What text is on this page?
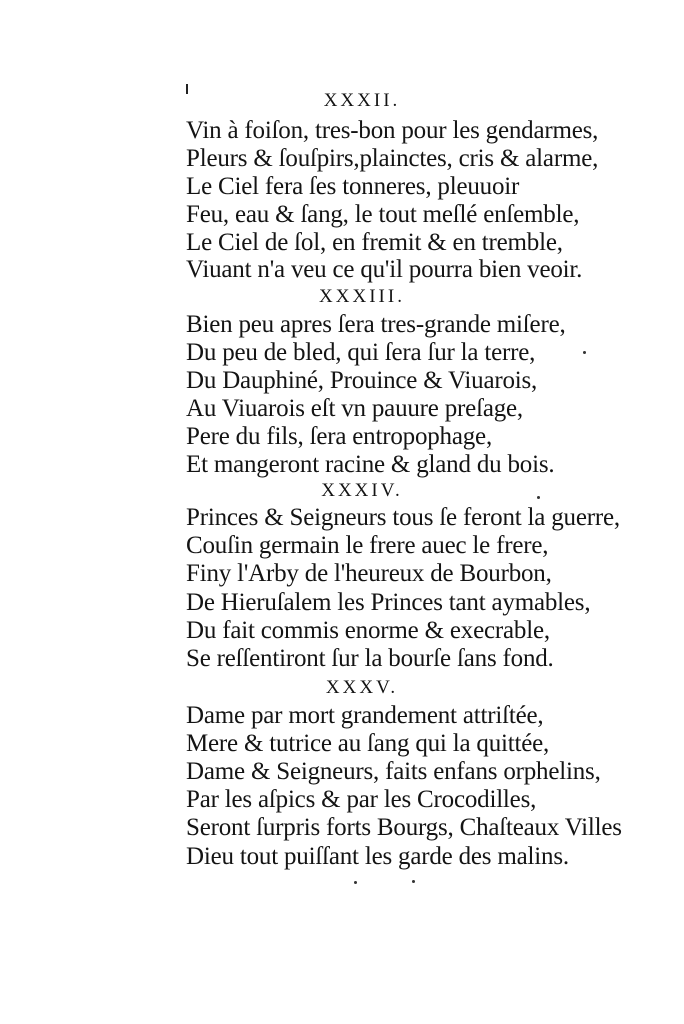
XXXII.
Vin à foiſon, tres-bon pour les gendarmes,
Pleurs & ſouſpirs,plainctes, cris & alarme,
Le Ciel fera ſes tonneres, pleuuoir
Feu, eau & ſang, le tout meſlé enſemble,
Le Ciel de ſol, en fremit & en tremble,
Viuant n'a veu ce qu'il pourra bien veoir.
XXXIII.
Bien peu apres ſera tres-grande miſere,
Du peu de bled, qui ſera ſur la terre,
Du Dauphiné, Prouince & Viuarois,
Au Viuarois eſt vn pauure preſage,
Pere du fils, ſera entropophage,
Et mangeront racine & gland du bois.
XXXIV.
Princes & Seigneurs tous ſe feront la guerre,
Couſin germain le frere auec le frere,
Finy l'Arby de l'heureux de Bourbon,
De Hieruſalem les Princes tant aymables,
Du fait commis enorme & execrable,
Se reſſentiront ſur la bourſe ſans fond.
XXXV.
Dame par mort grandement attriſtée,
Mere & tutrice au ſang qui la quittée,
Dame & Seigneurs, faits enfans orphelins,
Par les aſpics & par les Crocodilles,
Seront ſurpris forts Bourgs, Chaſteaux Villes
Dieu tout puiſſant les garde des malins.
